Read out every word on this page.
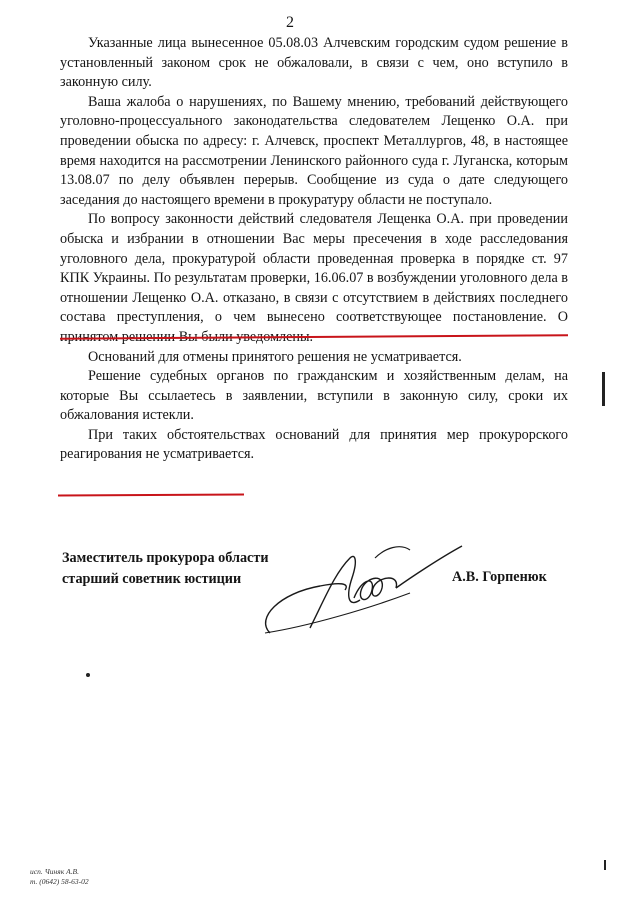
2

Указанные лица вынесенное 05.08.03 Алчевским городским судом решение в установленный законом срок не обжаловали, в связи с чем, оно вступило в законную силу.

Ваша жалоба о нарушениях, по Вашему мнению, требований действующего уголовно-процессуального законодательства следователем Лещенко О.А. при проведении обыска по адресу: г. Алчевск, проспект Металлургов, 48, в настоящее время находится на рассмотрении Ленинского районного суда г. Луганска, которым 13.08.07 по делу объявлен перерыв. Сообщение из суда о дате следующего заседания до настоящего времени в прокуратуру области не поступало.

По вопросу законности действий следователя Лещенка О.А. при проведении обыска и избрании в отношении Вас меры пресечения в ходе расследования уголовного дела, прокуратурой области проведенная проверка в порядке ст. 97 КПК Украины. По результатам проверки, 16.06.07 в возбуждении уголовного дела в отношении Лещенко О.А. отказано, в связи с отсутствием в действиях последнего состава преступления, о чем вынесено соответствующее постановление. О

Оснований для отмены принятого решения не усматривается.

Решение судебных органов по гражданским и хозяйственным делам, на которые Вы ссылаетесь в заявлении, вступили в законную силу, сроки их обжалования истекли.

При таких обстоятельствах оснований для принятия мер прокурорского реагирования не усматривается.

Заместитель прокурора области
старший советник юстиции	А.В. Горпенюк
исп. Чиняк А.В.
т. (0642) 58-63-02
